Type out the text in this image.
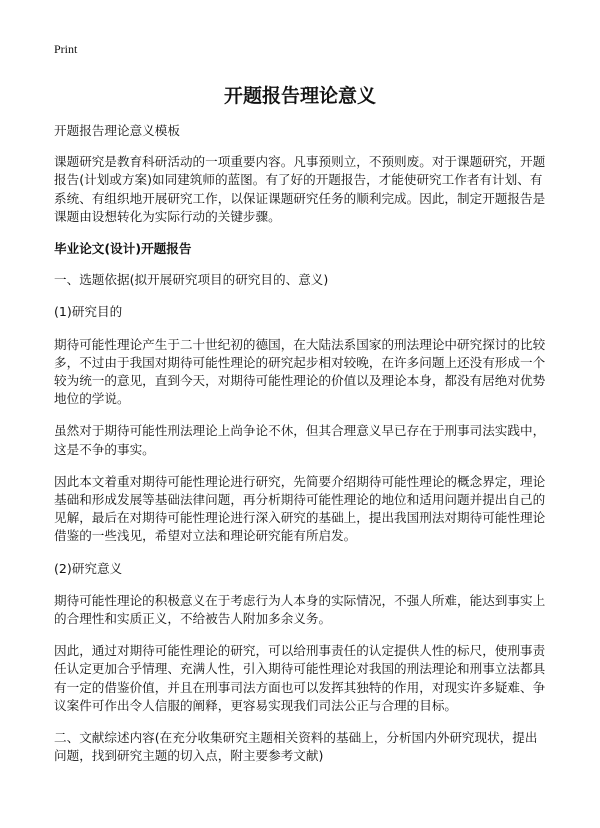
Print
开题报告理论意义

开题报告理论意义模板

课题研究是教育科研活动的一项重要内容。凡事预则立，不预则废。对于课题研究，开题报告(计划或方案)如同建筑师的蓝图。有了好的开题报告，才能使研究工作者有计划、有系统、有组织地开展研究工作，以保证课题研究任务的顺利完成。因此，制定开题报告是课题由设想转化为实际行动的关键步骤。

毕业论文(设计)开题报告

一、选题依据(拟开展研究项目的研究目的、意义)

(1)研究目的

期待可能性理论产生于二十世纪初的德国，在大陆法系国家的刑法理论中研究探讨的比较多，不过由于我国对期待可能性理论的研究起步相对较晚，在许多问题上还没有形成一个较为统一的意见，直到今天，对期待可能性理论的价值以及理论本身，都没有居绝对优势地位的学说。

虽然对于期待可能性刑法理论上尚争论不休，但其合理意义早已存在于刑事司法实践中，这是不争的事实。

因此本文着重对期待可能性理论进行研究，先简要介绍期待可能性理论的概念界定，理论基础和形成发展等基础法律问题，再分析期待可能性理论的地位和适用问题并提出自己的见解，最后在对期待可能性理论进行深入研究的基础上，提出我国刑法对期待可能性理论借鉴的一些浅见，希望对立法和理论研究能有所启发。

(2)研究意义

期待可能性理论的积极意义在于考虑行为人本身的实际情况，不强人所难，能达到事实上的合理性和实质正义，不给被告人附加多余义务。

因此，通过对期待可能性理论的研究，可以给刑事责任的认定提供人性的标尺，使刑事责任认定更加合乎情理、充满人性，引入期待可能性理论对我国的刑法理论和刑事立法都具有一定的借鉴价值，并且在刑事司法方面也可以发挥其独特的作用，对现实许多疑难、争议案件可作出令人信服的阐释，更容易实现我们司法公正与合理的目标。

二、文献综述内容(在充分收集研究主题相关资料的基础上，分析国内外研究现状，提出问题，找到研究主题的切入点，附主要参考文献)
